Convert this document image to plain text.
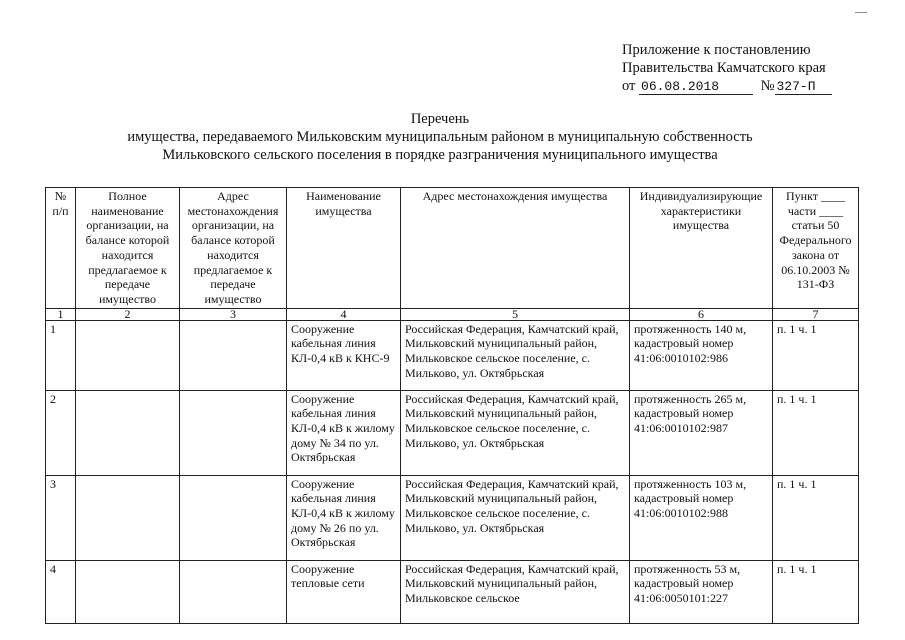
Приложение к постановлению
Правительства Камчатского края
от 06.08.2018	№ 327-П
Перечень
имущества, передаваемого Мильковским муниципальным районом в муниципальную собственность
Мильковского сельского поселения в порядке разграничения муниципального имущества
№ п/п	Полное наименование организации, на балансе которой находится предлагаемое к передаче имущество	Адрес местонахождения организации, на балансе которой находится предлагаемое к передаче имущество	Наименование имущества	Адрес местонахождения имущества	Индивидуализирующие характеристики имущества	Пункт ____ части ____ статьи 50 Федерального закона от 06.10.2003 № 131-ФЗ
1	2	3	4	5	6	7
1			Сооружение кабельная линия КЛ-0,4 кВ к КНС-9	Российская Федерация, Камчатский край, Мильковский муниципальный район, Мильковское сельское поселение, с. Мильково, ул. Октябрьская	протяженность 140 м, кадастровый номер 41:06:0010102:986	п. 1 ч. 1
2			Сооружение кабельная линия КЛ-0,4 кВ к жилому дому № 34 по ул. Октябрьская	Российская Федерация, Камчатский край, Мильковский муниципальный район, Мильковское сельское поселение, с. Мильково, ул. Октябрьская	протяженность 265 м, кадастровый номер 41:06:0010102:987	п. 1 ч. 1
3			Сооружение кабельная линия КЛ-0,4 кВ к жилому дому № 26 по ул. Октябрьская	Российская Федерация, Камчатский край, Мильковский муниципальный район, Мильковское сельское поселение, с. Мильково, ул. Октябрьская	протяженность 103 м, кадастровый номер 41:06:0010102:988	п. 1 ч. 1
4			Сооружение тепловые сети	Российская Федерация, Камчатский край, Мильковский муниципальный район, Мильковское сельское	протяженность 53 м, кадастровый номер 41:06:0050101:227	п. 1 ч. 1
